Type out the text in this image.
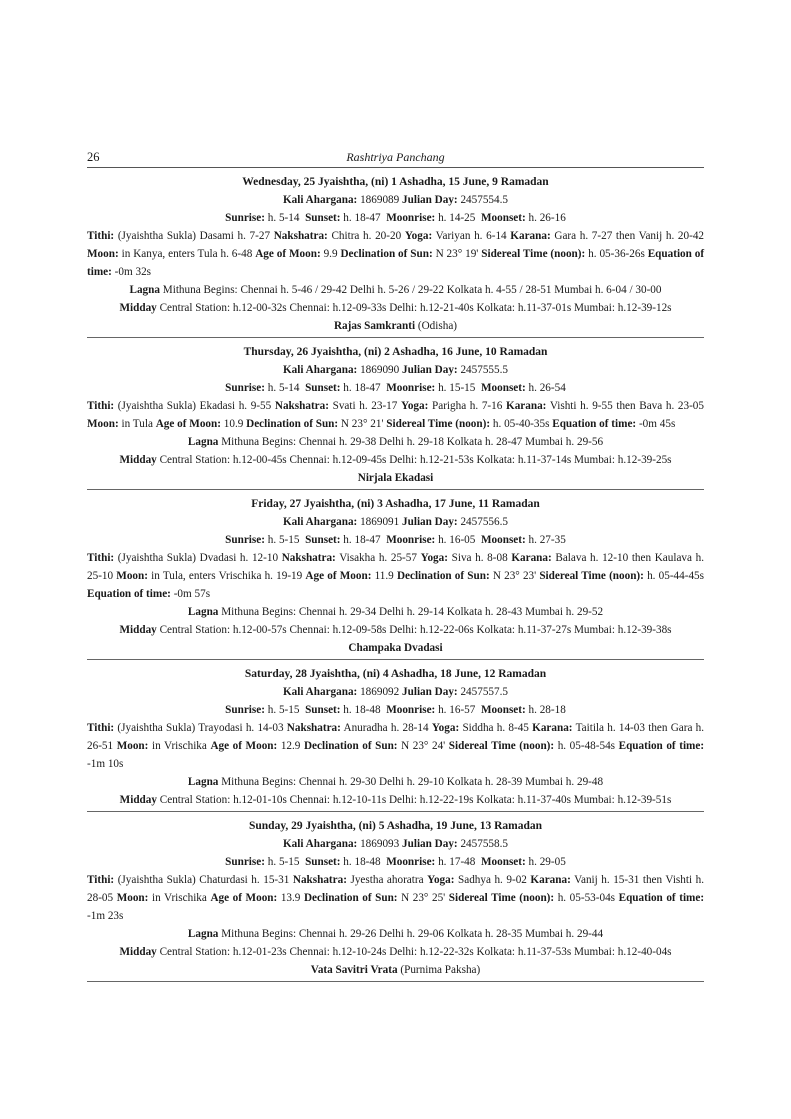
26	Rashtriya Panchang
Wednesday, 25 Jyaishtha, (ni) 1 Ashadha, 15 June, 9 Ramadan
Kali Ahargana: 1869089 Julian Day: 2457554.5
Sunrise: h. 5-14 Sunset: h. 18-47 Moonrise: h. 14-25 Moonset: h. 26-16
Tithi: (Jyaishtha Sukla) Dasami h. 7-27 Nakshatra: Chitra h. 20-20 Yoga: Variyan h. 6-14 Karana: Gara h. 7-27 then Vanij h. 20-42 Moon: in Kanya, enters Tula h. 6-48 Age of Moon: 9.9 Declination of Sun: N 23° 19' Sidereal Time (noon): h. 05-36-26s Equation of time: -0m 32s
Lagna Mithuna Begins: Chennai h. 5-46 / 29-42 Delhi h. 5-26 / 29-22 Kolkata h. 4-55 / 28-51 Mumbai h. 6-04 / 30-00
Midday Central Station: h.12-00-32s Chennai: h.12-09-33s Delhi: h.12-21-40s Kolkata: h.11-37-01s Mumbai: h.12-39-12s
Rajas Samkranti (Odisha)
Thursday, 26 Jyaishtha, (ni) 2 Ashadha, 16 June, 10 Ramadan
Kali Ahargana: 1869090 Julian Day: 2457555.5
Sunrise: h. 5-14 Sunset: h. 18-47 Moonrise: h. 15-15 Moonset: h. 26-54
Tithi: (Jyaishtha Sukla) Ekadasi h. 9-55 Nakshatra: Svati h. 23-17 Yoga: Parigha h. 7-16 Karana: Vishti h. 9-55 then Bava h. 23-05 Moon: in Tula Age of Moon: 10.9 Declination of Sun: N 23° 21' Sidereal Time (noon): h. 05-40-35s Equation of time: -0m 45s
Lagna Mithuna Begins: Chennai h. 29-38 Delhi h. 29-18 Kolkata h. 28-47 Mumbai h. 29-56
Midday Central Station: h.12-00-45s Chennai: h.12-09-45s Delhi: h.12-21-53s Kolkata: h.11-37-14s Mumbai: h.12-39-25s
Nirjala Ekadasi
Friday, 27 Jyaishtha, (ni) 3 Ashadha, 17 June, 11 Ramadan
Kali Ahargana: 1869091 Julian Day: 2457556.5
Sunrise: h. 5-15 Sunset: h. 18-47 Moonrise: h. 16-05 Moonset: h. 27-35
Tithi: (Jyaishtha Sukla) Dvadasi h. 12-10 Nakshatra: Visakha h. 25-57 Yoga: Siva h. 8-08 Karana: Balava h. 12-10 then Kaulava h. 25-10 Moon: in Tula, enters Vrischika h. 19-19 Age of Moon: 11.9 Declination of Sun: N 23° 23' Sidereal Time (noon): h. 05-44-45s Equation of time: -0m 57s
Lagna Mithuna Begins: Chennai h. 29-34 Delhi h. 29-14 Kolkata h. 28-43 Mumbai h. 29-52
Midday Central Station: h.12-00-57s Chennai: h.12-09-58s Delhi: h.12-22-06s Kolkata: h.11-37-27s Mumbai: h.12-39-38s
Champaka Dvadasi
Saturday, 28 Jyaishtha, (ni) 4 Ashadha, 18 June, 12 Ramadan
Kali Ahargana: 1869092 Julian Day: 2457557.5
Sunrise: h. 5-15 Sunset: h. 18-48 Moonrise: h. 16-57 Moonset: h. 28-18
Tithi: (Jyaishtha Sukla) Trayodasi h. 14-03 Nakshatra: Anuradha h. 28-14 Yoga: Siddha h. 8-45 Karana: Taitila h. 14-03 then Gara h. 26-51 Moon: in Vrischika Age of Moon: 12.9 Declination of Sun: N 23° 24' Sidereal Time (noon): h. 05-48-54s Equation of time: -1m 10s
Lagna Mithuna Begins: Chennai h. 29-30 Delhi h. 29-10 Kolkata h. 28-39 Mumbai h. 29-48
Midday Central Station: h.12-01-10s Chennai: h.12-10-11s Delhi: h.12-22-19s Kolkata: h.11-37-40s Mumbai: h.12-39-51s
Sunday, 29 Jyaishtha, (ni) 5 Ashadha, 19 June, 13 Ramadan
Kali Ahargana: 1869093 Julian Day: 2457558.5
Sunrise: h. 5-15 Sunset: h. 18-48 Moonrise: h. 17-48 Moonset: h. 29-05
Tithi: (Jyaishtha Sukla) Chaturdasi h. 15-31 Nakshatra: Jyestha ahoratra Yoga: Sadhya h. 9-02 Karana: Vanij h. 15-31 then Vishti h. 28-05 Moon: in Vrischika Age of Moon: 13.9 Declination of Sun: N 23° 25' Sidereal Time (noon): h. 05-53-04s Equation of time: -1m 23s
Lagna Mithuna Begins: Chennai h. 29-26 Delhi h. 29-06 Kolkata h. 28-35 Mumbai h. 29-44
Midday Central Station: h.12-01-23s Chennai: h.12-10-24s Delhi: h.12-22-32s Kolkata: h.11-37-53s Mumbai: h.12-40-04s
Vata Savitri Vrata (Purnima Paksha)
